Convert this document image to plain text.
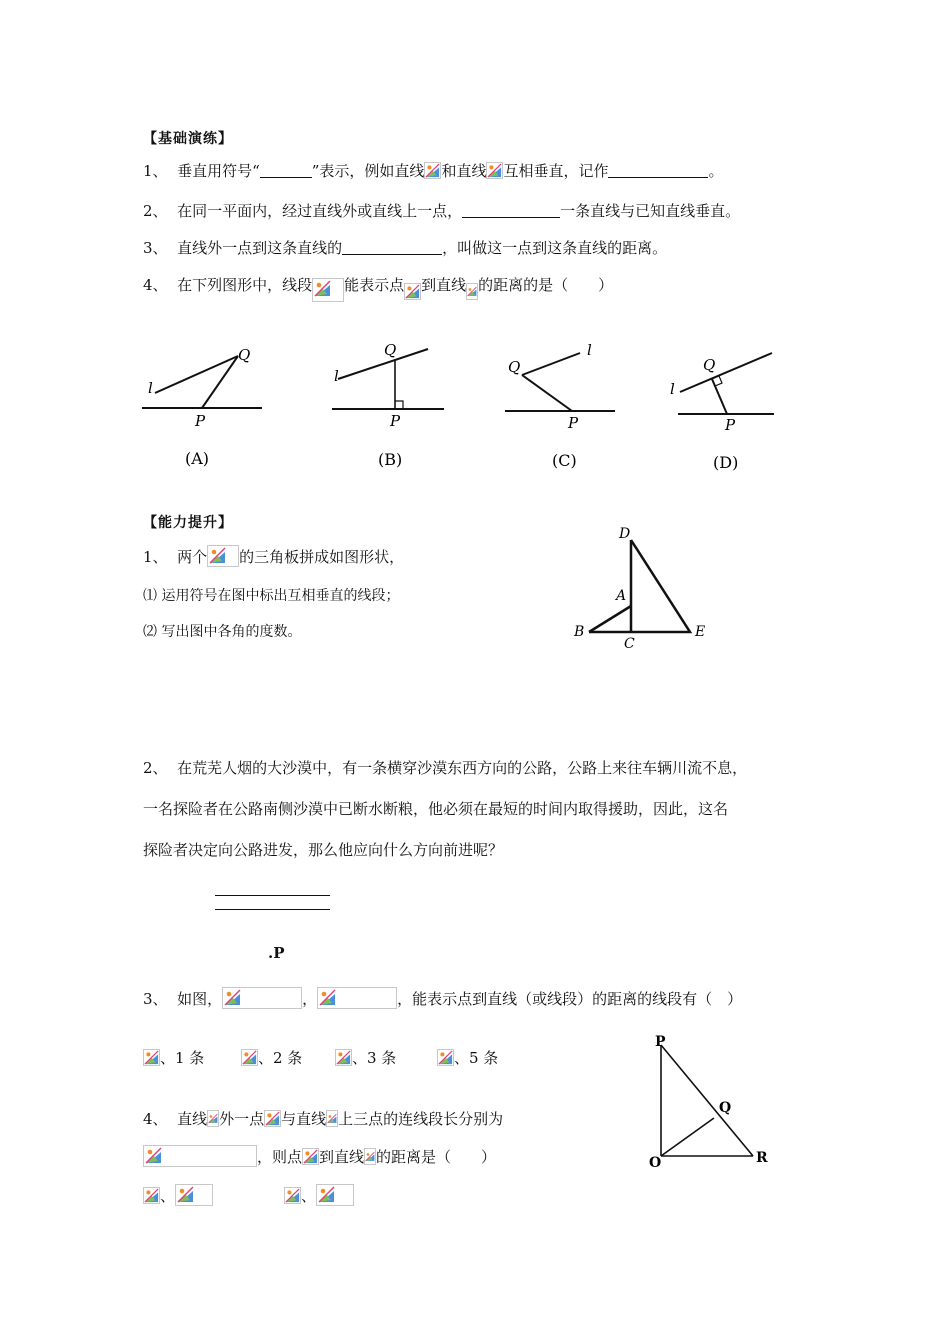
【基础演练】
1、 垂直用符号“	”表示，例如直线 和直线 互相垂直，记作	。
2、 在同一平面内，经过直线外或直线上一点，	一条直线与已知直线垂直。
3、 直线外一点到这条直线的	，叫做这一点到这条直线的距离。
4、 在下列图形中，线段 能表示点 到直线 的距离的是（　　）
Q
l
P
(A)
Q
l
P
(B)
Q
l
P
(C)
Q
l
P
(D)
【能力提升】
1、 两个 的三角板拼成如图形状，
⑴ 运用符号在图中标出互相垂直的线段；
⑵ 写出图中各角的度数。
D
A
B
C
E
2、 在荒芜人烟的大沙漠中，有一条横穿沙漠东西方向的公路，公路上来往车辆川流不息，
一名探险者在公路南侧沙漠中已断水断粮，他必须在最短的时间内取得援助，因此，这名
探险者决定向公路进发，那么他应向什么方向前进呢？
.P
3、 如图，	，	，能表示点到直线（或线段）的距离的线段有（　）
、1 条	、2 条	、3 条	、5 条
P
Q
O	R
4、 直线 外一点 与直线 上三点的连线段长分别为
，则点 到直线 的距离是（　　）
、	、
